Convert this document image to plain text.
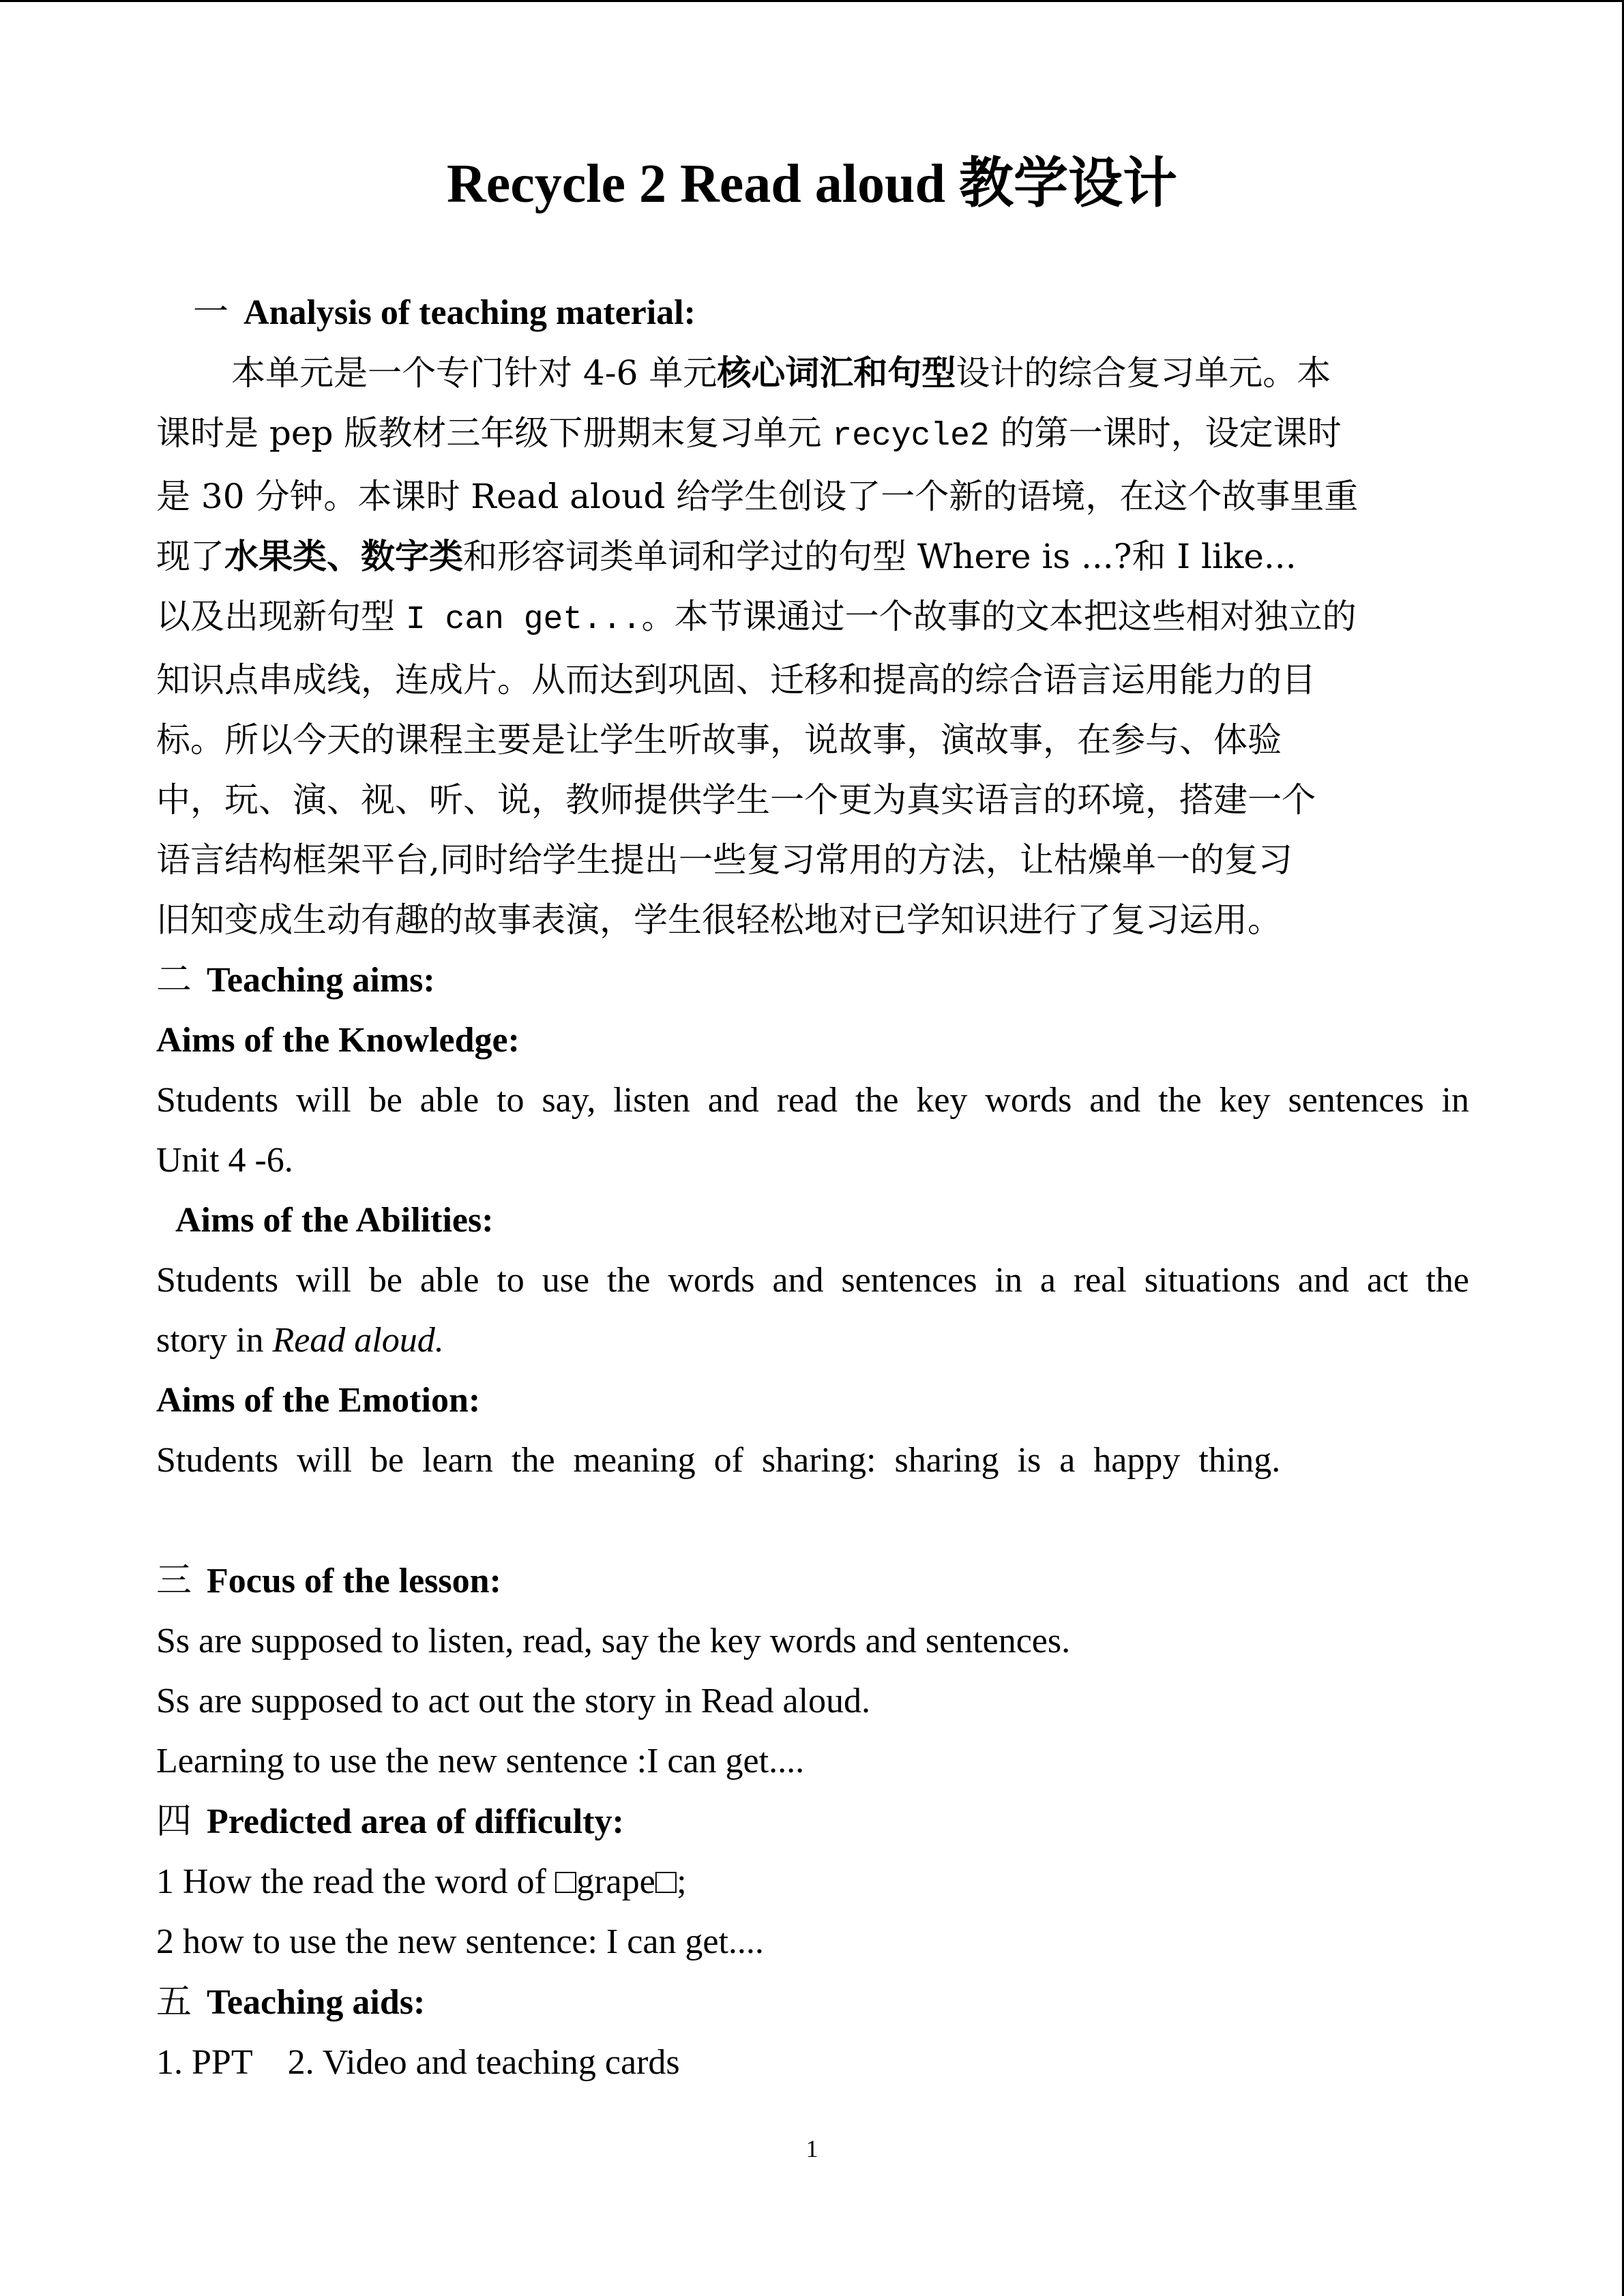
Recycle 2 Read aloud 教学设计
一 Analysis of teaching material:
本单元是一个专门针对 4-6 单元核心词汇和句型设计的综合复习单元。本
课时是 pep 版教材三年级下册期末复习单元 recycle2 的第一课时，设定课时
是 30 分钟。本课时 Read aloud 给学生创设了一个新的语境，在这个故事里重
现了水果类、数字类和形容词类单词和学过的句型 Where is ...?和 I like...
以及出现新句型 I can get...。本节课通过一个故事的文本把这些相对独立的
知识点串成线，连成片。从而达到巩固、迁移和提高的综合语言运用能力的目
标。所以今天的课程主要是让学生听故事，说故事，演故事，在参与、体验
中，玩、演、视、听、说，教师提供学生一个更为真实语言的环境，搭建一个
语言结构框架平台,同时给学生提出一些复习常用的方法，让枯燥单一的复习
旧知变成生动有趣的故事表演，学生很轻松地对已学知识进行了复习运用。
二 Teaching aims:
Aims of the Knowledge:
Students will be able to say, listen and read the key words and the key sentences in
Unit 4 -6.
Aims of the Abilities:
Students will be able to use the words and sentences in a real situations and act the
story in Read aloud.
Aims of the Emotion:
Students will be learn the meaning of sharing: sharing is a happy thing.

三 Focus of the lesson:
Ss are supposed to listen, read, say the key words and sentences.
Ss are supposed to act out the story in Read aloud.
Learning to use the new sentence :I can get....
四 Predicted area of difficulty:
1 How the read the word of □grape□;
2 how to use the new sentence: I can get....
五 Teaching aids:
1. PPT    2. Video and teaching cards
1
